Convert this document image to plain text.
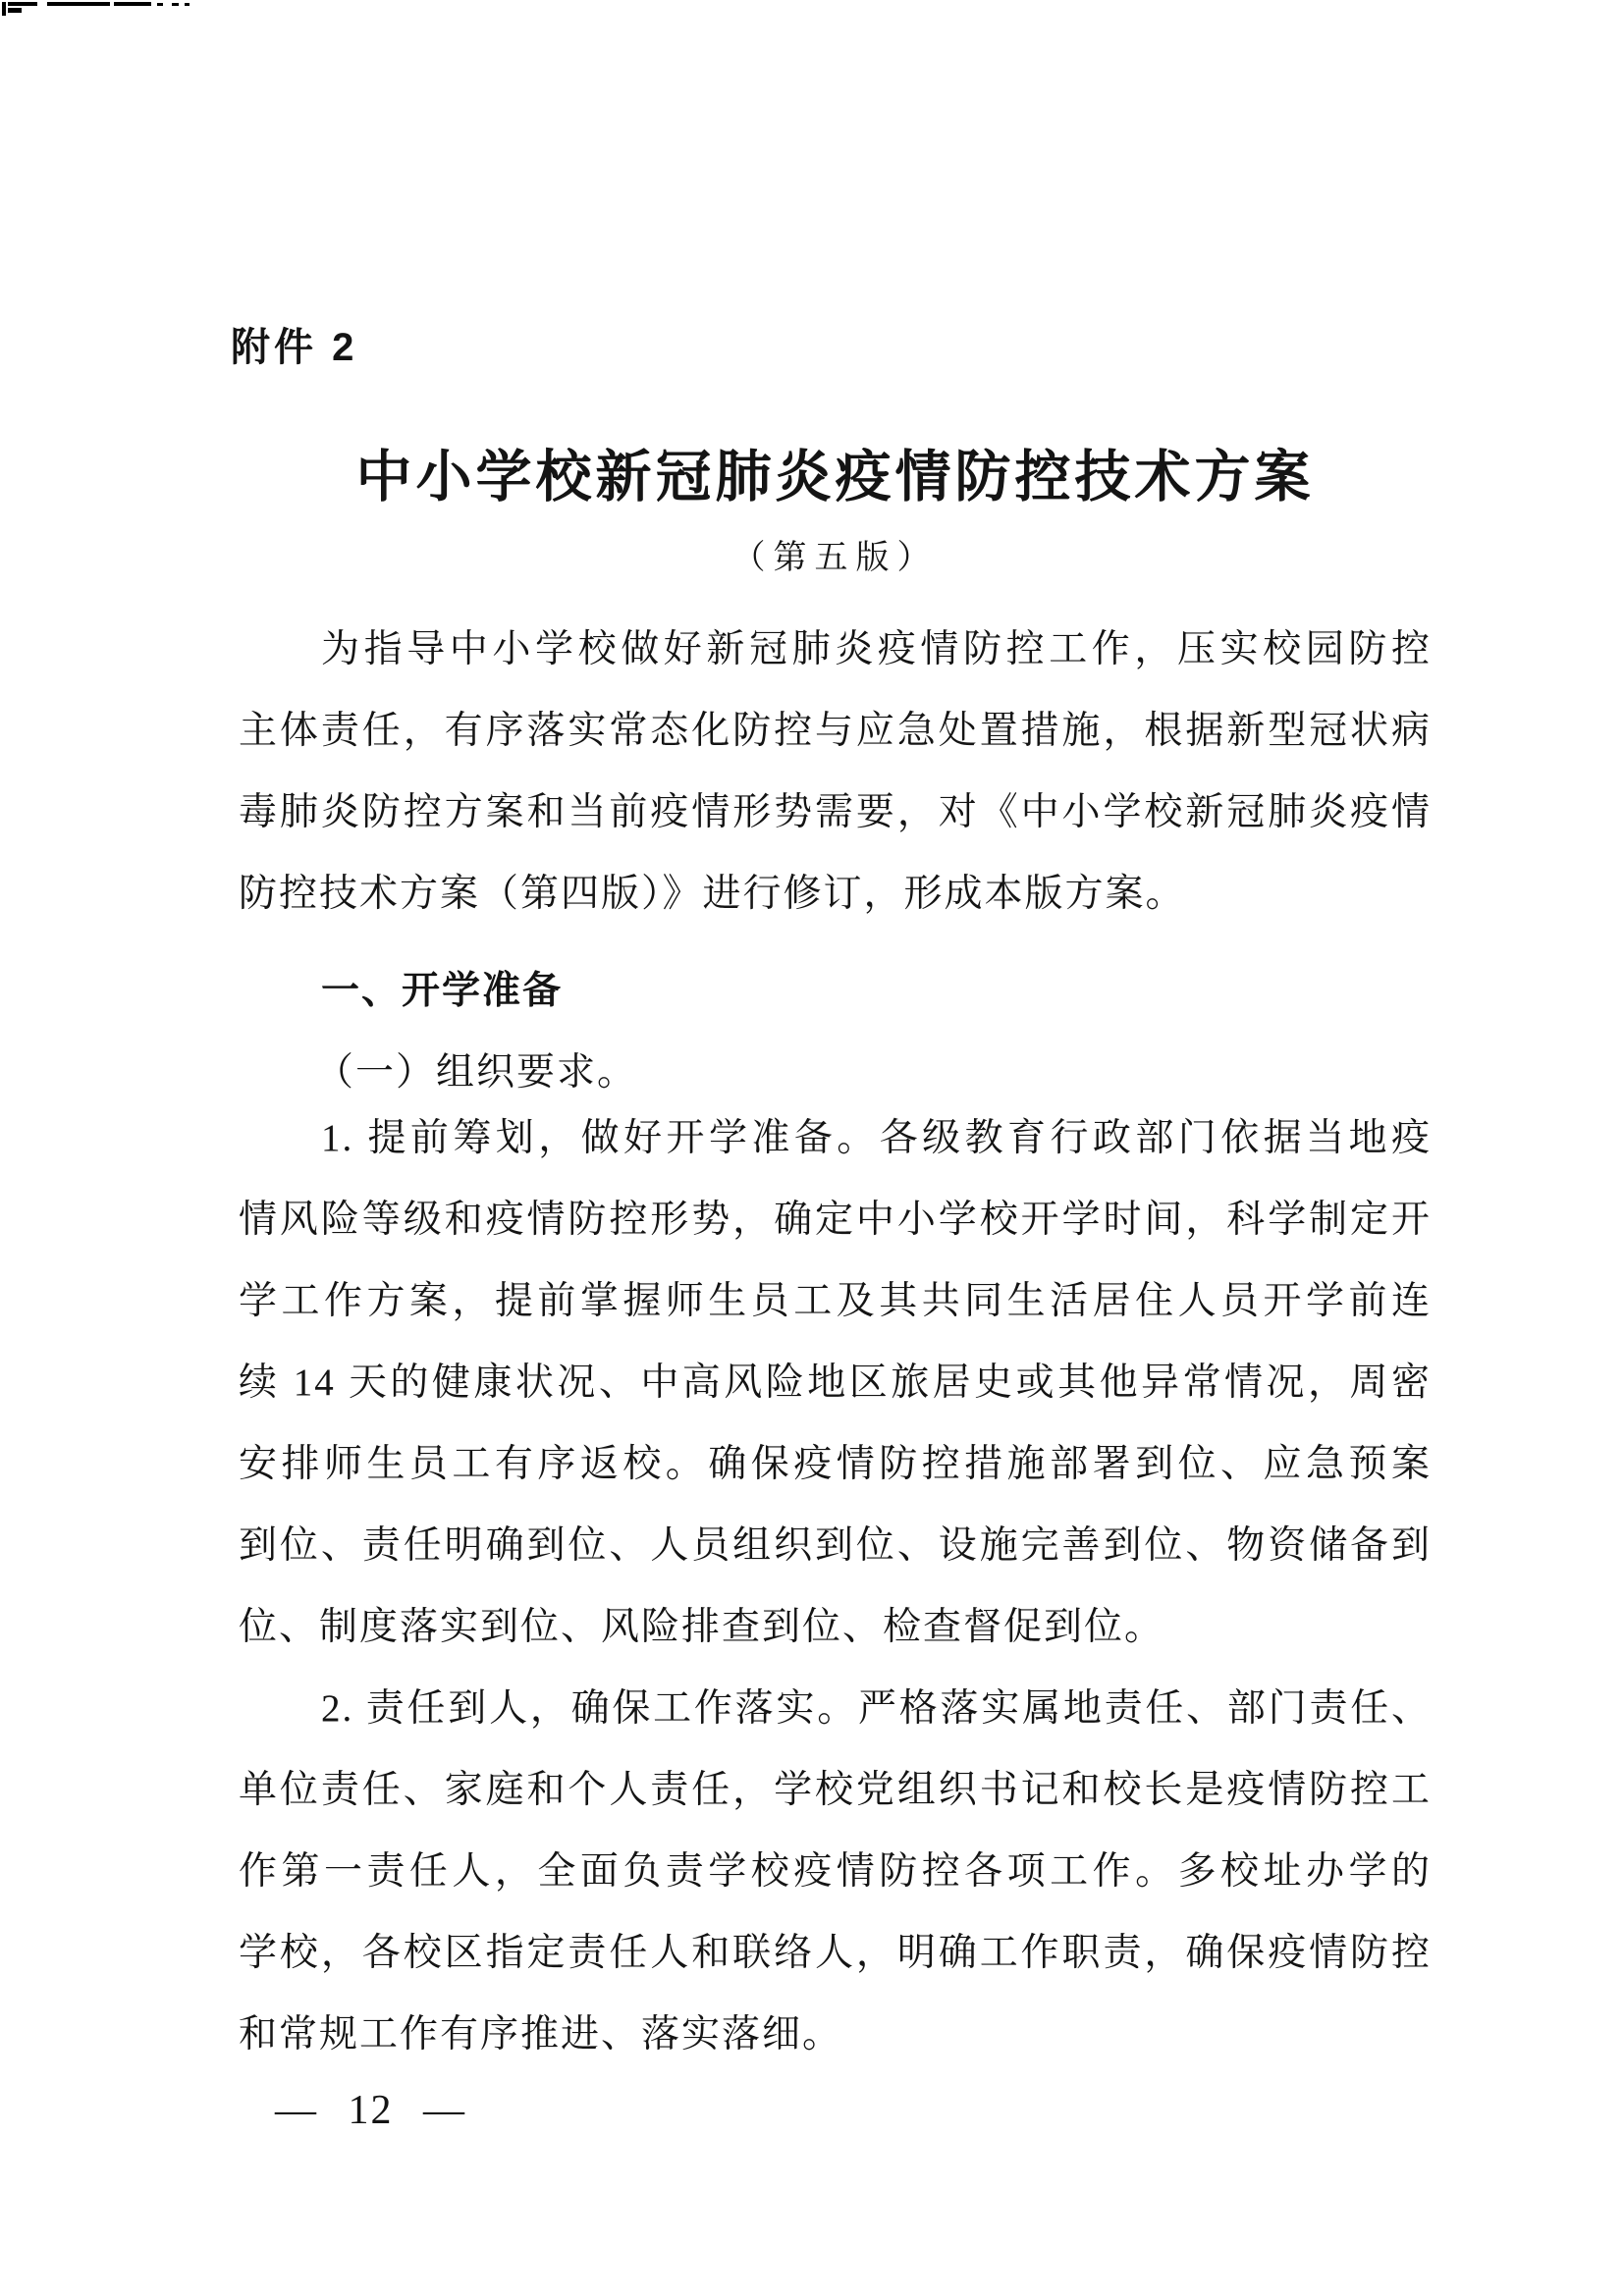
附件 2
中小学校新冠肺炎疫情防控技术方案
（第五版）
为指导中小学校做好新冠肺炎疫情防控工作，压实校园防控
主体责任，有序落实常态化防控与应急处置措施，根据新型冠状病
毒肺炎防控方案和当前疫情形势需要，对《中小学校新冠肺炎疫情
防控技术方案（第四版）》进行修订，形成本版方案。
一、开学准备
（一）组织要求。
1. 提前筹划，做好开学准备。各级教育行政部门依据当地疫
情风险等级和疫情防控形势，确定中小学校开学时间，科学制定开
学工作方案，提前掌握师生员工及其共同生活居住人员开学前连
续 14 天的健康状况、中高风险地区旅居史或其他异常情况，周密
安排师生员工有序返校。确保疫情防控措施部署到位、应急预案
到位、责任明确到位、人员组织到位、设施完善到位、物资储备到
位、制度落实到位、风险排查到位、检查督促到位。
2. 责任到人，确保工作落实。严格落实属地责任、部门责任、
单位责任、家庭和个人责任，学校党组织书记和校长是疫情防控工
作第一责任人，全面负责学校疫情防控各项工作。多校址办学的
学校，各校区指定责任人和联络人，明确工作职责，确保疫情防控
和常规工作有序推进、落实落细。
— 12 —
